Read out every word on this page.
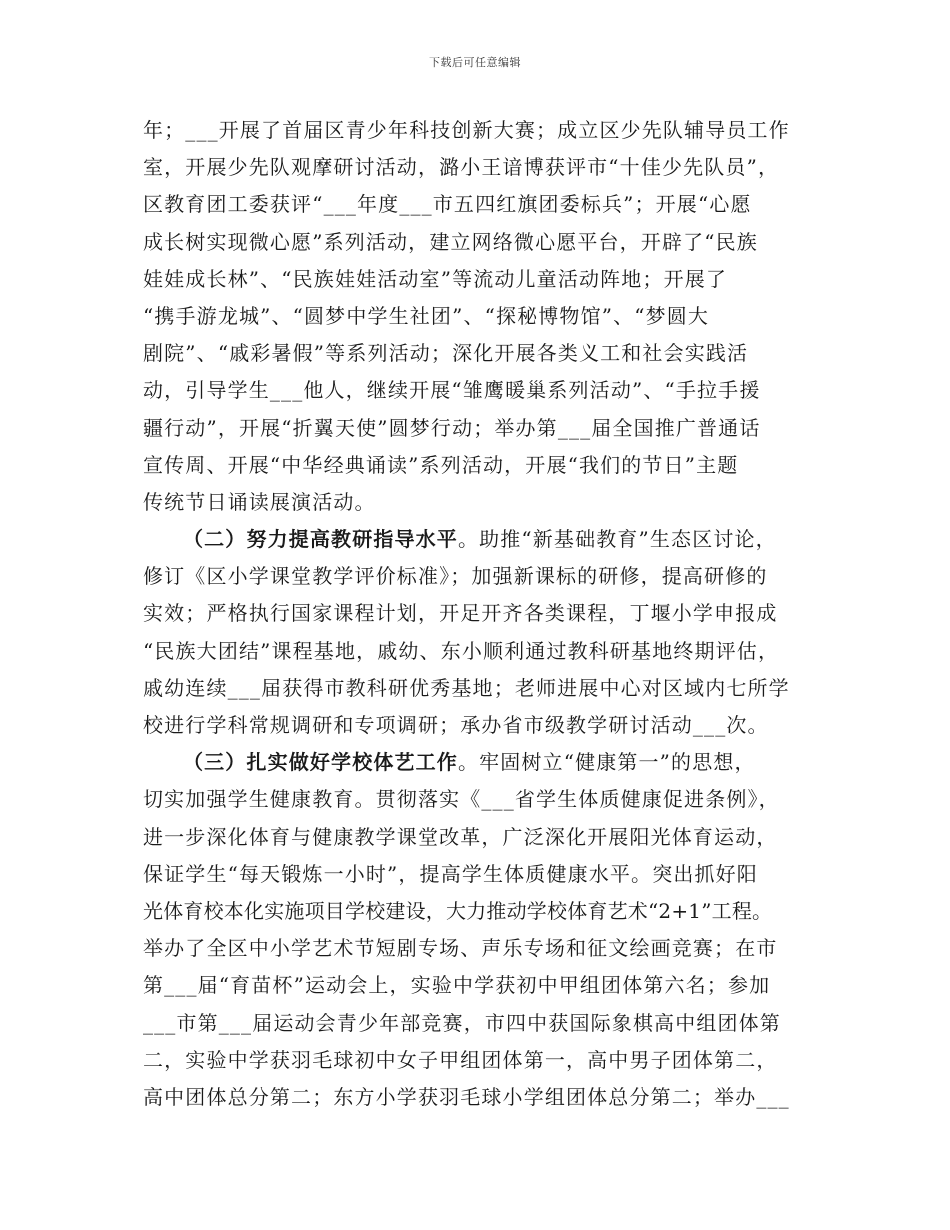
下载后可任意编辑
年；___开展了首届区青少年科技创新大赛；成立区少先队辅导员工作
室，开展少先队观摩研讨活动，潞小王谙博获评市“十佳少先队员”，
区教育团工委获评“___年度___市五四红旗团委标兵”；开展“心愿
成长树实现微心愿”系列活动，建立网络微心愿平台，开辟了“民族
娃娃成长林”、“民族娃娃活动室”等流动儿童活动阵地；开展了
“携手游龙城”、“圆梦中学生社团”、“探秘博物馆”、“梦圆大
剧院”、“戚彩暑假”等系列活动；深化开展各类义工和社会实践活
动，引导学生___他人，继续开展“雏鹰暖巢系列活动”、“手拉手援
疆行动”，开展“折翼天使”圆梦行动；举办第___届全国推广普通话
宣传周、开展“中华经典诵读”系列活动，开展“我们的节日”主题
传统节日诵读展演活动。
（二）努力提高教研指导水平。助推“新基础教育”生态区讨论，
修订《区小学课堂教学评价标准》；加强新课标的研修，提高研修的
实效；严格执行国家课程计划，开足开齐各类课程，丁堰小学申报成
“民族大团结”课程基地，戚幼、东小顺利通过教科研基地终期评估，
戚幼连续___届获得市教科研优秀基地；老师进展中心对区域内七所学
校进行学科常规调研和专项调研；承办省市级教学研讨活动___次。
（三）扎实做好学校体艺工作。牢固树立“健康第一”的思想，
切实加强学生健康教育。贯彻落实《___省学生体质健康促进条例》，
进一步深化体育与健康教学课堂改革，广泛深化开展阳光体育运动，
保证学生“每天锻炼一小时”，提高学生体质健康水平。突出抓好阳
光体育校本化实施项目学校建设，大力推动学校体育艺术“2+1”工程。
举办了全区中小学艺术节短剧专场、声乐专场和征文绘画竞赛；在市
第___届“育苗杯”运动会上，实验中学获初中甲组团体第六名；参加
___市第___届运动会青少年部竞赛，市四中获国际象棋高中组团体第
二，实验中学获羽毛球初中女子甲组团体第一，高中男子团体第二，
高中团体总分第二；东方小学获羽毛球小学组团体总分第二；举办___
